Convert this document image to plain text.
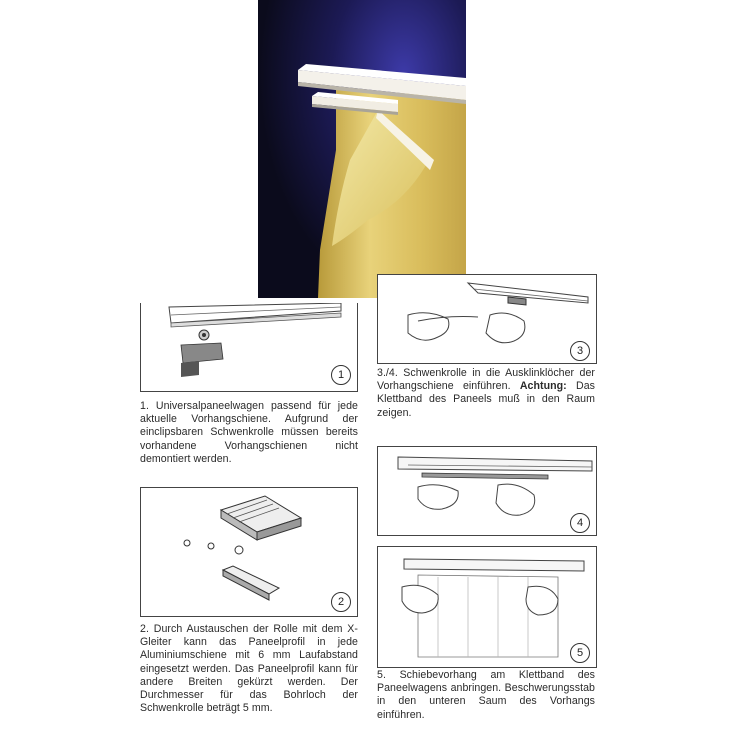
1

1. Universalpaneelwagen passend für jede aktuelle Vorhangschiene. Aufgrund der einclipsbaren Schwenkrolle müssen bereits vorhandene Vorhangschienen nicht demontiert werden.

2

2. Durch Austauschen der Rolle mit dem X-Gleiter kann das Paneelprofil in jede Aluminiumschiene mit 6 mm Laufabstand eingesetzt werden. Das Paneelprofil kann für andere Breiten gekürzt werden. Der Durchmesser für das Bohrloch der Schwenkrolle beträgt 5 mm.

3

3./4. Schwenkrolle in die Ausklinklöcher der Vorhangschiene einführen. Achtung: Das Klettband des Paneels muß in den Raum zeigen.

4
5

5. Schiebevorhang am Klettband des Paneelwagens anbringen. Beschwerungsstab in den unteren Saum des Vorhangs einführen.
